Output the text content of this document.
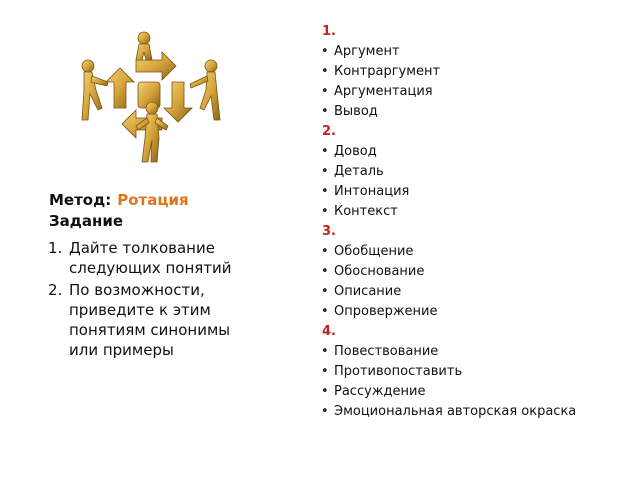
Метод: Ротация
Задание
1. Дайте толкование следующих понятий
2. По возможности, приведите к этим понятиям синонимы или примеры
1.
• Аргумент
• Контраргумент
• Аргументация
• Вывод
2.
• Довод
• Деталь
• Интонация
• Контекст
3.
• Обобщение
• Обоснование
• Описание
• Опровержение
4.
• Повествование
• Противопоставить
• Рассуждение
• Эмоциональная авторская окраска
